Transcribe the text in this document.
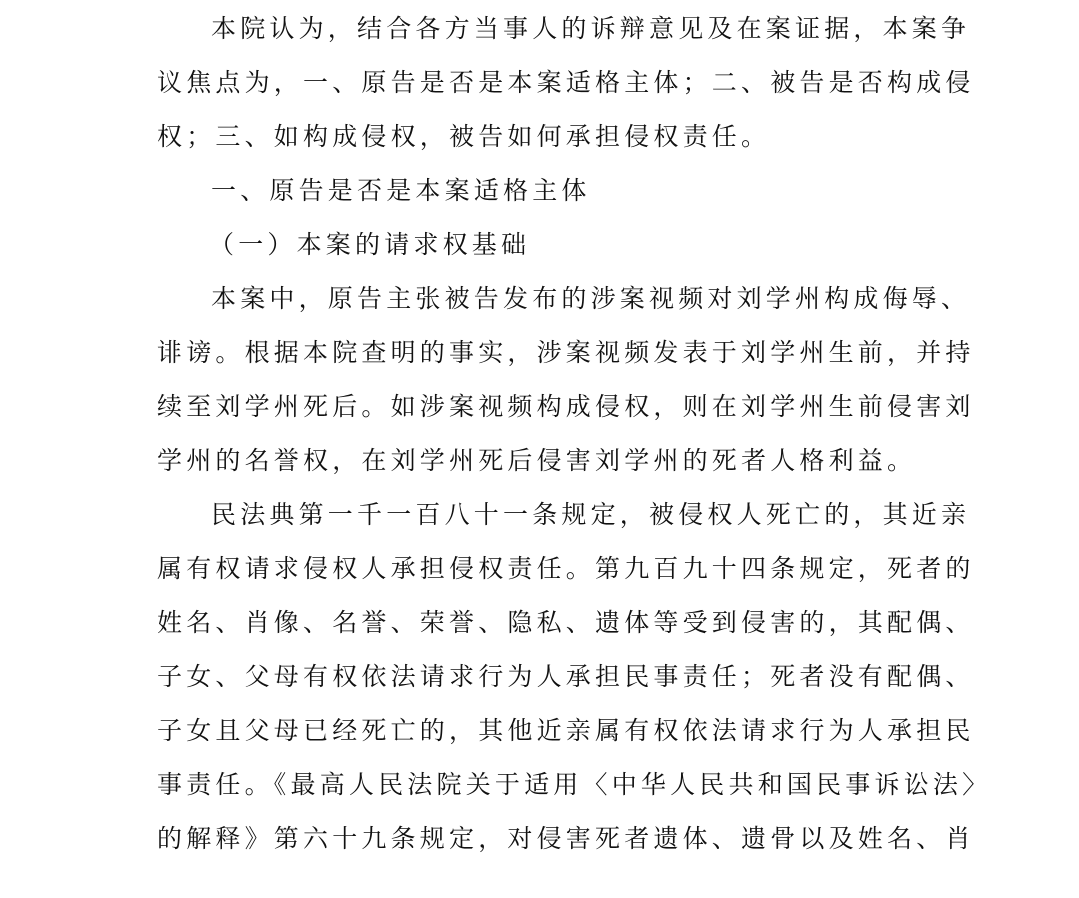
本院认为，结合各方当事人的诉辩意见及在案证据，本案争
议焦点为，一、原告是否是本案适格主体；二、被告是否构成侵
权；三、如构成侵权，被告如何承担侵权责任。
一、原告是否是本案适格主体
（一）本案的请求权基础
本案中，原告主张被告发布的涉案视频对刘学州构成侮辱、
诽谤。根据本院查明的事实，涉案视频发表于刘学州生前，并持
续至刘学州死后。如涉案视频构成侵权，则在刘学州生前侵害刘
学州的名誉权，在刘学州死后侵害刘学州的死者人格利益。
民法典第一千一百八十一条规定，被侵权人死亡的，其近亲
属有权请求侵权人承担侵权责任。第九百九十四条规定，死者的
姓名、肖像、名誉、荣誉、隐私、遗体等受到侵害的，其配偶、
子女、父母有权依法请求行为人承担民事责任；死者没有配偶、
子女且父母已经死亡的，其他近亲属有权依法请求行为人承担民
事责任。《最高人民法院关于适用〈中华人民共和国民事诉讼法〉
的解释》第六十九条规定，对侵害死者遗体、遗骨以及姓名、肖
